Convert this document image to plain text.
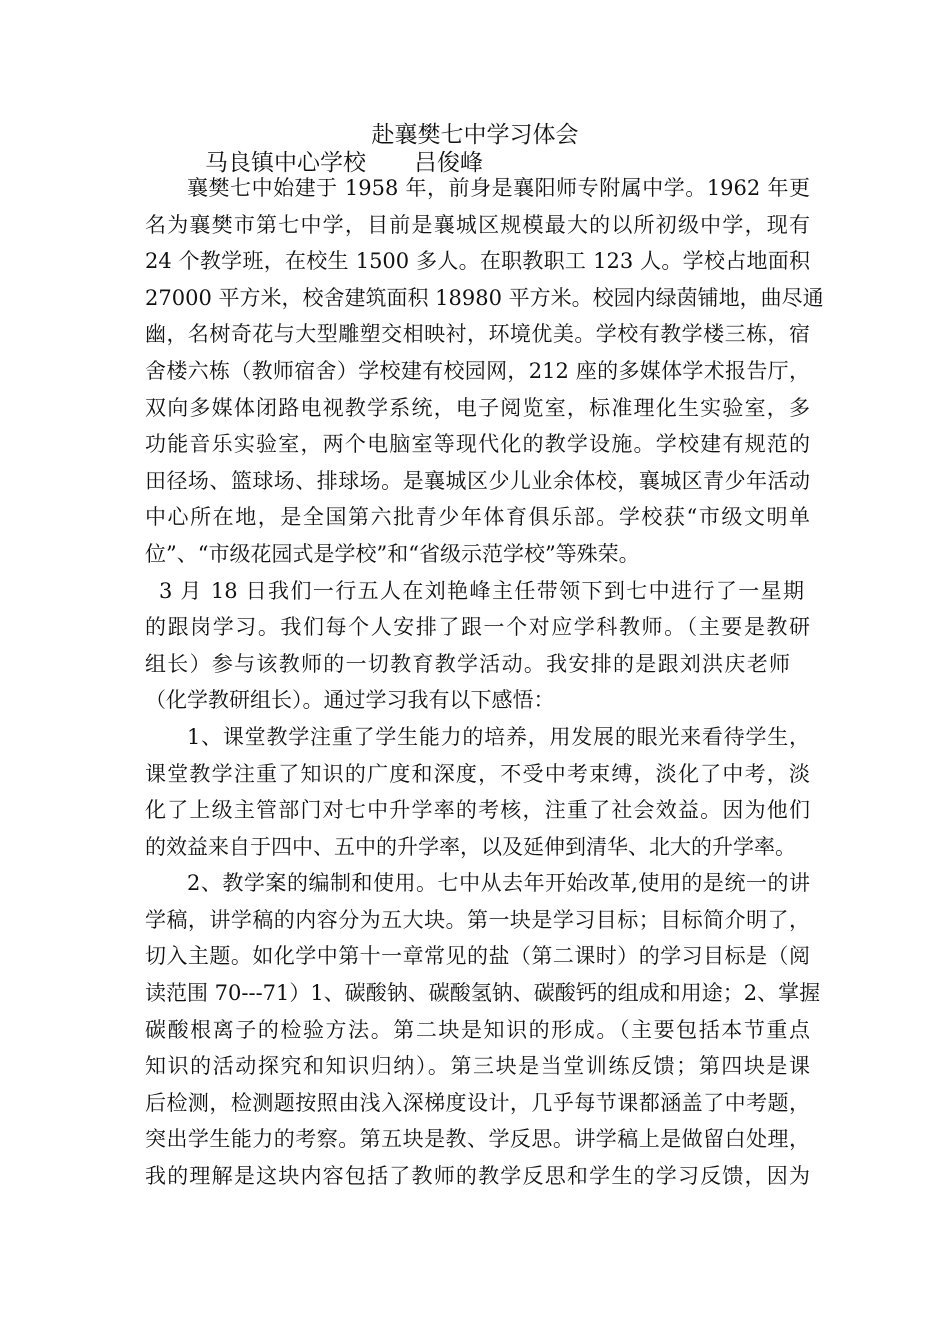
赴襄樊七中学习体会
马良镇中心学校 吕俊峰
襄樊七中始建于 1958 年，前身是襄阳师专附属中学。1962 年更
名为襄樊市第七中学，目前是襄城区规模最大的以所初级中学，现有
24 个教学班，在校生 1500 多人。在职教职工 123 人。学校占地面积
27000 平方米，校舍建筑面积 18980 平方米。校园内绿茵铺地，曲尽通
幽，名树奇花与大型雕塑交相映衬，环境优美。学校有教学楼三栋，宿
舍楼六栋（教师宿舍）学校建有校园网，212 座的多媒体学术报告厅，
双向多媒体闭路电视教学系统，电子阅览室，标准理化生实验室，多
功能音乐实验室，两个电脑室等现代化的教学设施。学校建有规范的
田径场、篮球场、排球场。是襄城区少儿业余体校，襄城区青少年活动
中心所在地，是全国第六批青少年体育俱乐部。学校获“市级文明单
位”、“市级花园式是学校”和“省级示范学校”等殊荣。
3 月 18 日我们一行五人在刘艳峰主任带领下到七中进行了一星期
的跟岗学习。我们每个人安排了跟一个对应学科教师。（主要是教研
组长）参与该教师的一切教育教学活动。我安排的是跟刘洪庆老师
（化学教研组长）。通过学习我有以下感悟：
1、课堂教学注重了学生能力的培养，用发展的眼光来看待学生，
课堂教学注重了知识的广度和深度，不受中考束缚，淡化了中考，淡
化了上级主管部门对七中升学率的考核，注重了社会效益。因为他们
的效益来自于四中、五中的升学率，以及延伸到清华、北大的升学率。
2、教学案的编制和使用。七中从去年开始改革,使用的是统一的讲
学稿，讲学稿的内容分为五大块。第一块是学习目标；目标简介明了，
切入主题。如化学中第十一章常见的盐（第二课时）的学习目标是（阅
读范围 70---71）1、碳酸钠、碳酸氢钠、碳酸钙的组成和用途；2、掌握
碳酸根离子的检验方法。第二块是知识的形成。（主要包括本节重点
知识的活动探究和知识归纳）。第三块是当堂训练反馈；第四块是课
后检测，检测题按照由浅入深梯度设计，几乎每节课都涵盖了中考题，
突出学生能力的考察。第五块是教、学反思。讲学稿上是做留白处理，
我的理解是这块内容包括了教师的教学反思和学生的学习反馈，因为
